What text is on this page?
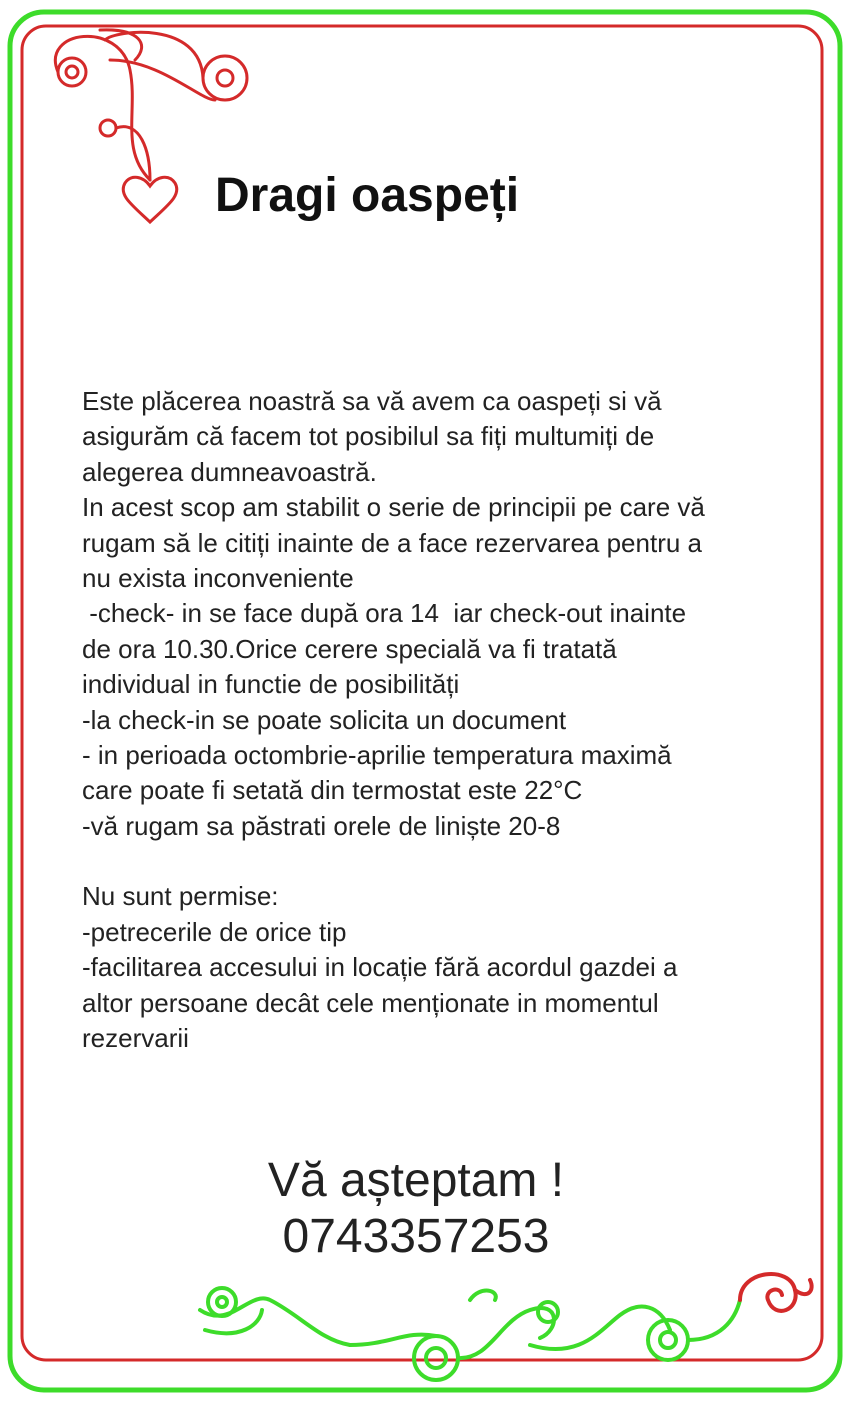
Dragi oaspeți
Este plăcerea noastră sa vă avem ca oaspeți si vă
asigurăm că facem tot posibilul sa fiți multumiți de
alegerea dumneavoastră.
In acest scop am stabilit o serie de principii pe care vă
rugam să le citiți inainte de a face rezervarea pentru a
nu exista inconveniente
-check- in se face după ora 14  iar check-out inainte
de ora 10.30.Orice cerere specială va fi tratată
individual in functie de posibilități
-la check-in se poate solicita un document
- in perioada octombrie-aprilie temperatura maximă
care poate fi setată din termostat este 22°C
-vă rugam sa păstrati orele de liniște 20-8
Nu sunt permise:
-petrecerile de orice tip
-facilitarea accesului in locație fără acordul gazdei a
altor persoane decât cele menționate in momentul
rezervarii
Vă așteptam !
0743357253
